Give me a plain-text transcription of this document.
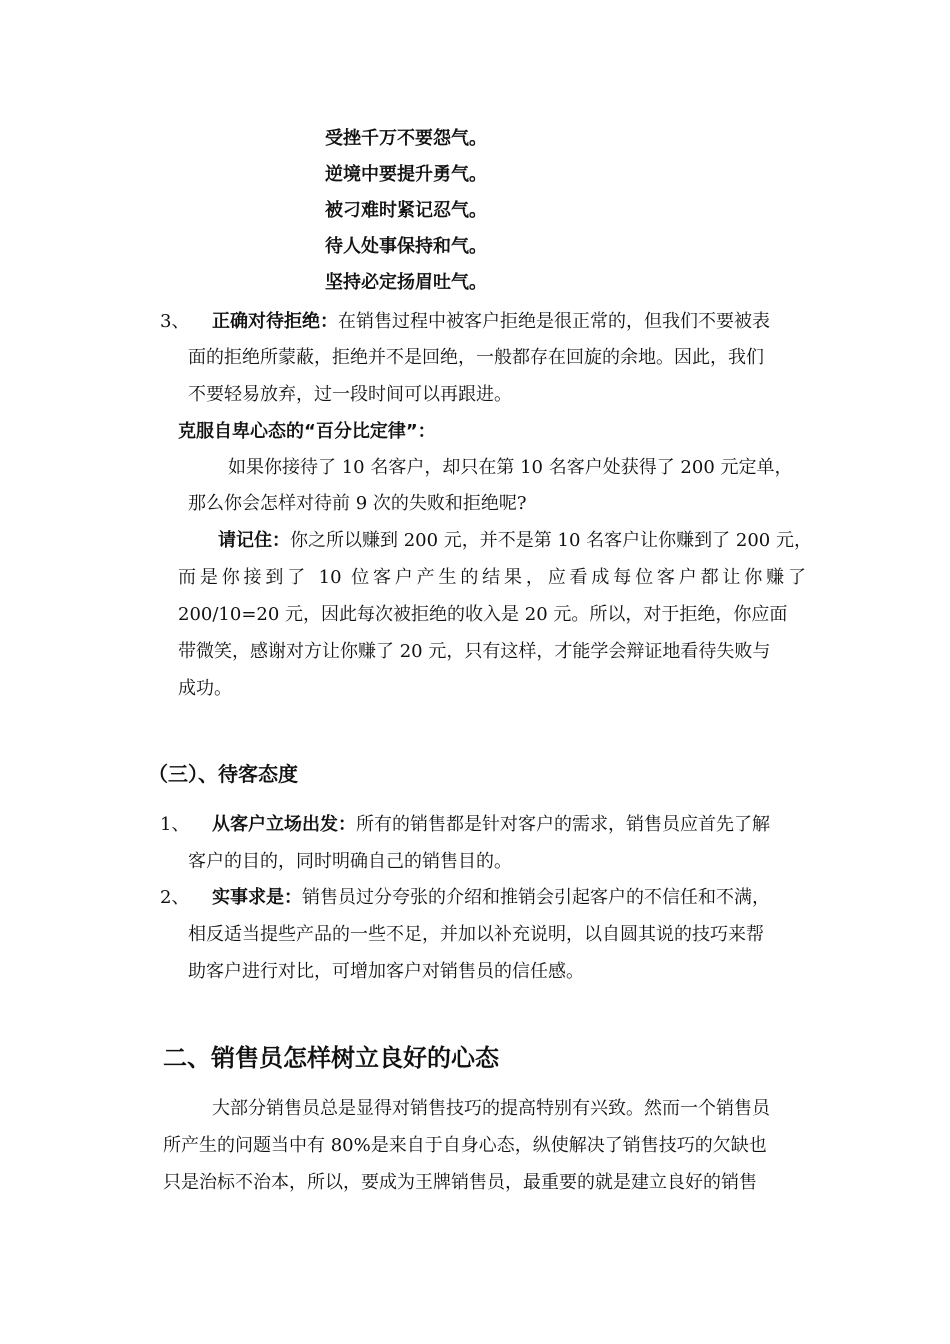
受挫千万不要怨气。
逆境中要提升勇气。
被刁难时紧记忍气。
待人处事保持和气。
坚持必定扬眉吐气。
3、 正确对待拒绝：在销售过程中被客户拒绝是很正常的，但我们不要被表
面的拒绝所蒙蔽，拒绝并不是回绝，一般都存在回旋的余地。因此，我们
不要轻易放弃，过一段时间可以再跟进。
克服自卑心态的“百分比定律”：
如果你接待了 10 名客户，却只在第 10 名客户处获得了 200 元定单，
那么你会怎样对待前 9 次的失败和拒绝呢?
请记住：你之所以赚到 200 元，并不是第 10 名客户让你赚到了 200 元，
而是你接到了 10 位客户产生的结果，应看成每位客户都让你赚了
200/10=20 元，因此每次被拒绝的收入是 20 元。所以，对于拒绝，你应面
带微笑，感谢对方让你赚了 20 元，只有这样，才能学会辩证地看待失败与
成功。
（三）、待客态度
1、 从客户立场出发：所有的销售都是针对客户的需求，销售员应首先了解
客户的目的，同时明确自己的销售目的。
2、 实事求是：销售员过分夸张的介绍和推销会引起客户的不信任和不满，
相反适当提些产品的一些不足，并加以补充说明，以自圆其说的技巧来帮
助客户进行对比，可增加客户对销售员的信任感。
二、销售员怎样树立良好的心态
大部分销售员总是显得对销售技巧的提高特别有兴致。然而一个销售员
所产生的问题当中有 80%是来自于自身心态，纵使解决了销售技巧的欠缺也
只是治标不治本，所以，要成为王牌销售员，最重要的就是建立良好的销售
